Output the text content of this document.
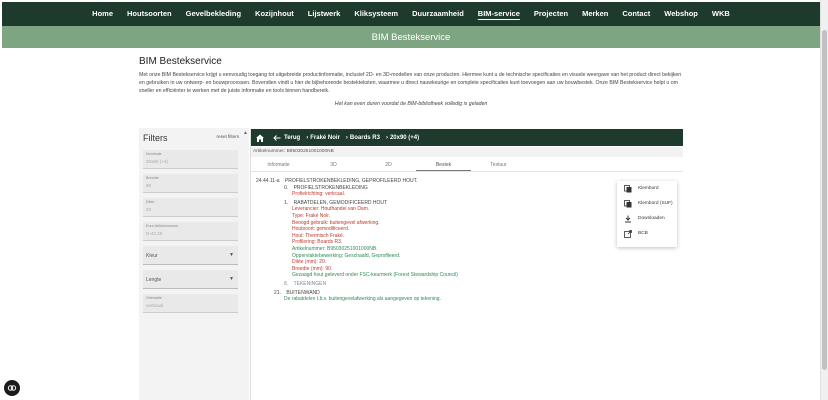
Home	Houtsoorten	Gevelbekleding	Kozijnhout	Lijstwerk	Kliksysteem	Duurzaamheid	BIM-service	Projecten	Merken	Contact	Webshop	WKB
BIM Bestekservice
BIM Bestekservice
Met onze BIM Bestekservice krijgt u eenvoudig toegang tot uitgebreide productinformatie, inclusief 2D- en 3D-modellen van onze producten. Hiermee kunt u de technische specificaties en visuele weergave van het product direct bekijken en gebruiken in uw ontwerp- en bouwprocessen. Bovendien vindt u hier de bijbehorende bestekteksten, waarmee u direct nauwkeurige en complete specificaties kunt toevoegen aan uw bouwbestek. Onze BIM Bestekservice helpt u om sneller en efficiënter te werken met de juiste informatie en tools binnen handbereik.
Het kan even duren voordat de BIM-bibliotheek volledig is geladen
Filters	reset filters
▲
Nominale
20x90 (+4)
Breedte
90
Dikte
20
Euro Artikelnummer
D-42,20
Kleur	▼
Lengte	▼
Oriëntatie
verticaal
Terug › Fraké Noir › Boards R3 › 20x90 (+4)
Artikelnummer: B95030251001000NB
Informatie	3D	2D	Bestek	Textuur
24.44.11-a PROFIELSTROKENBEKLEDING, GEPROFILEERD HOUT.
0. PROFIELSTROKENBEKLEDING
Profielrichting: verticaal.
1. RABATDELEN, GEMODIFICEERD HOUT
Leverancier: Houthandel van Dam.
Type: Fraké Noir.
Beoogd gebruik: buitengevel afwerking.
Houtsoort: gemodificeerd.
Hout: Thermisch Fraké.
Profilering: Boards R3.
Artikelnummer: B95030251001000NB.
Oppervlaktebewerking: Geschaafd, Geprofileerd.
Dikte (mm): 20.
Breedte (mm): 90.
Gezaagd hout geleverd onder FSC-keurmerk (Forest Stewardship Council)
8. TEKENINGEN
21. BUITENWAND
De rabatdelen t.b.v. buitengevelafwerking als aangegeven op tekening.
Klembord
Klembord (SUF)
Downloaden
BCB
